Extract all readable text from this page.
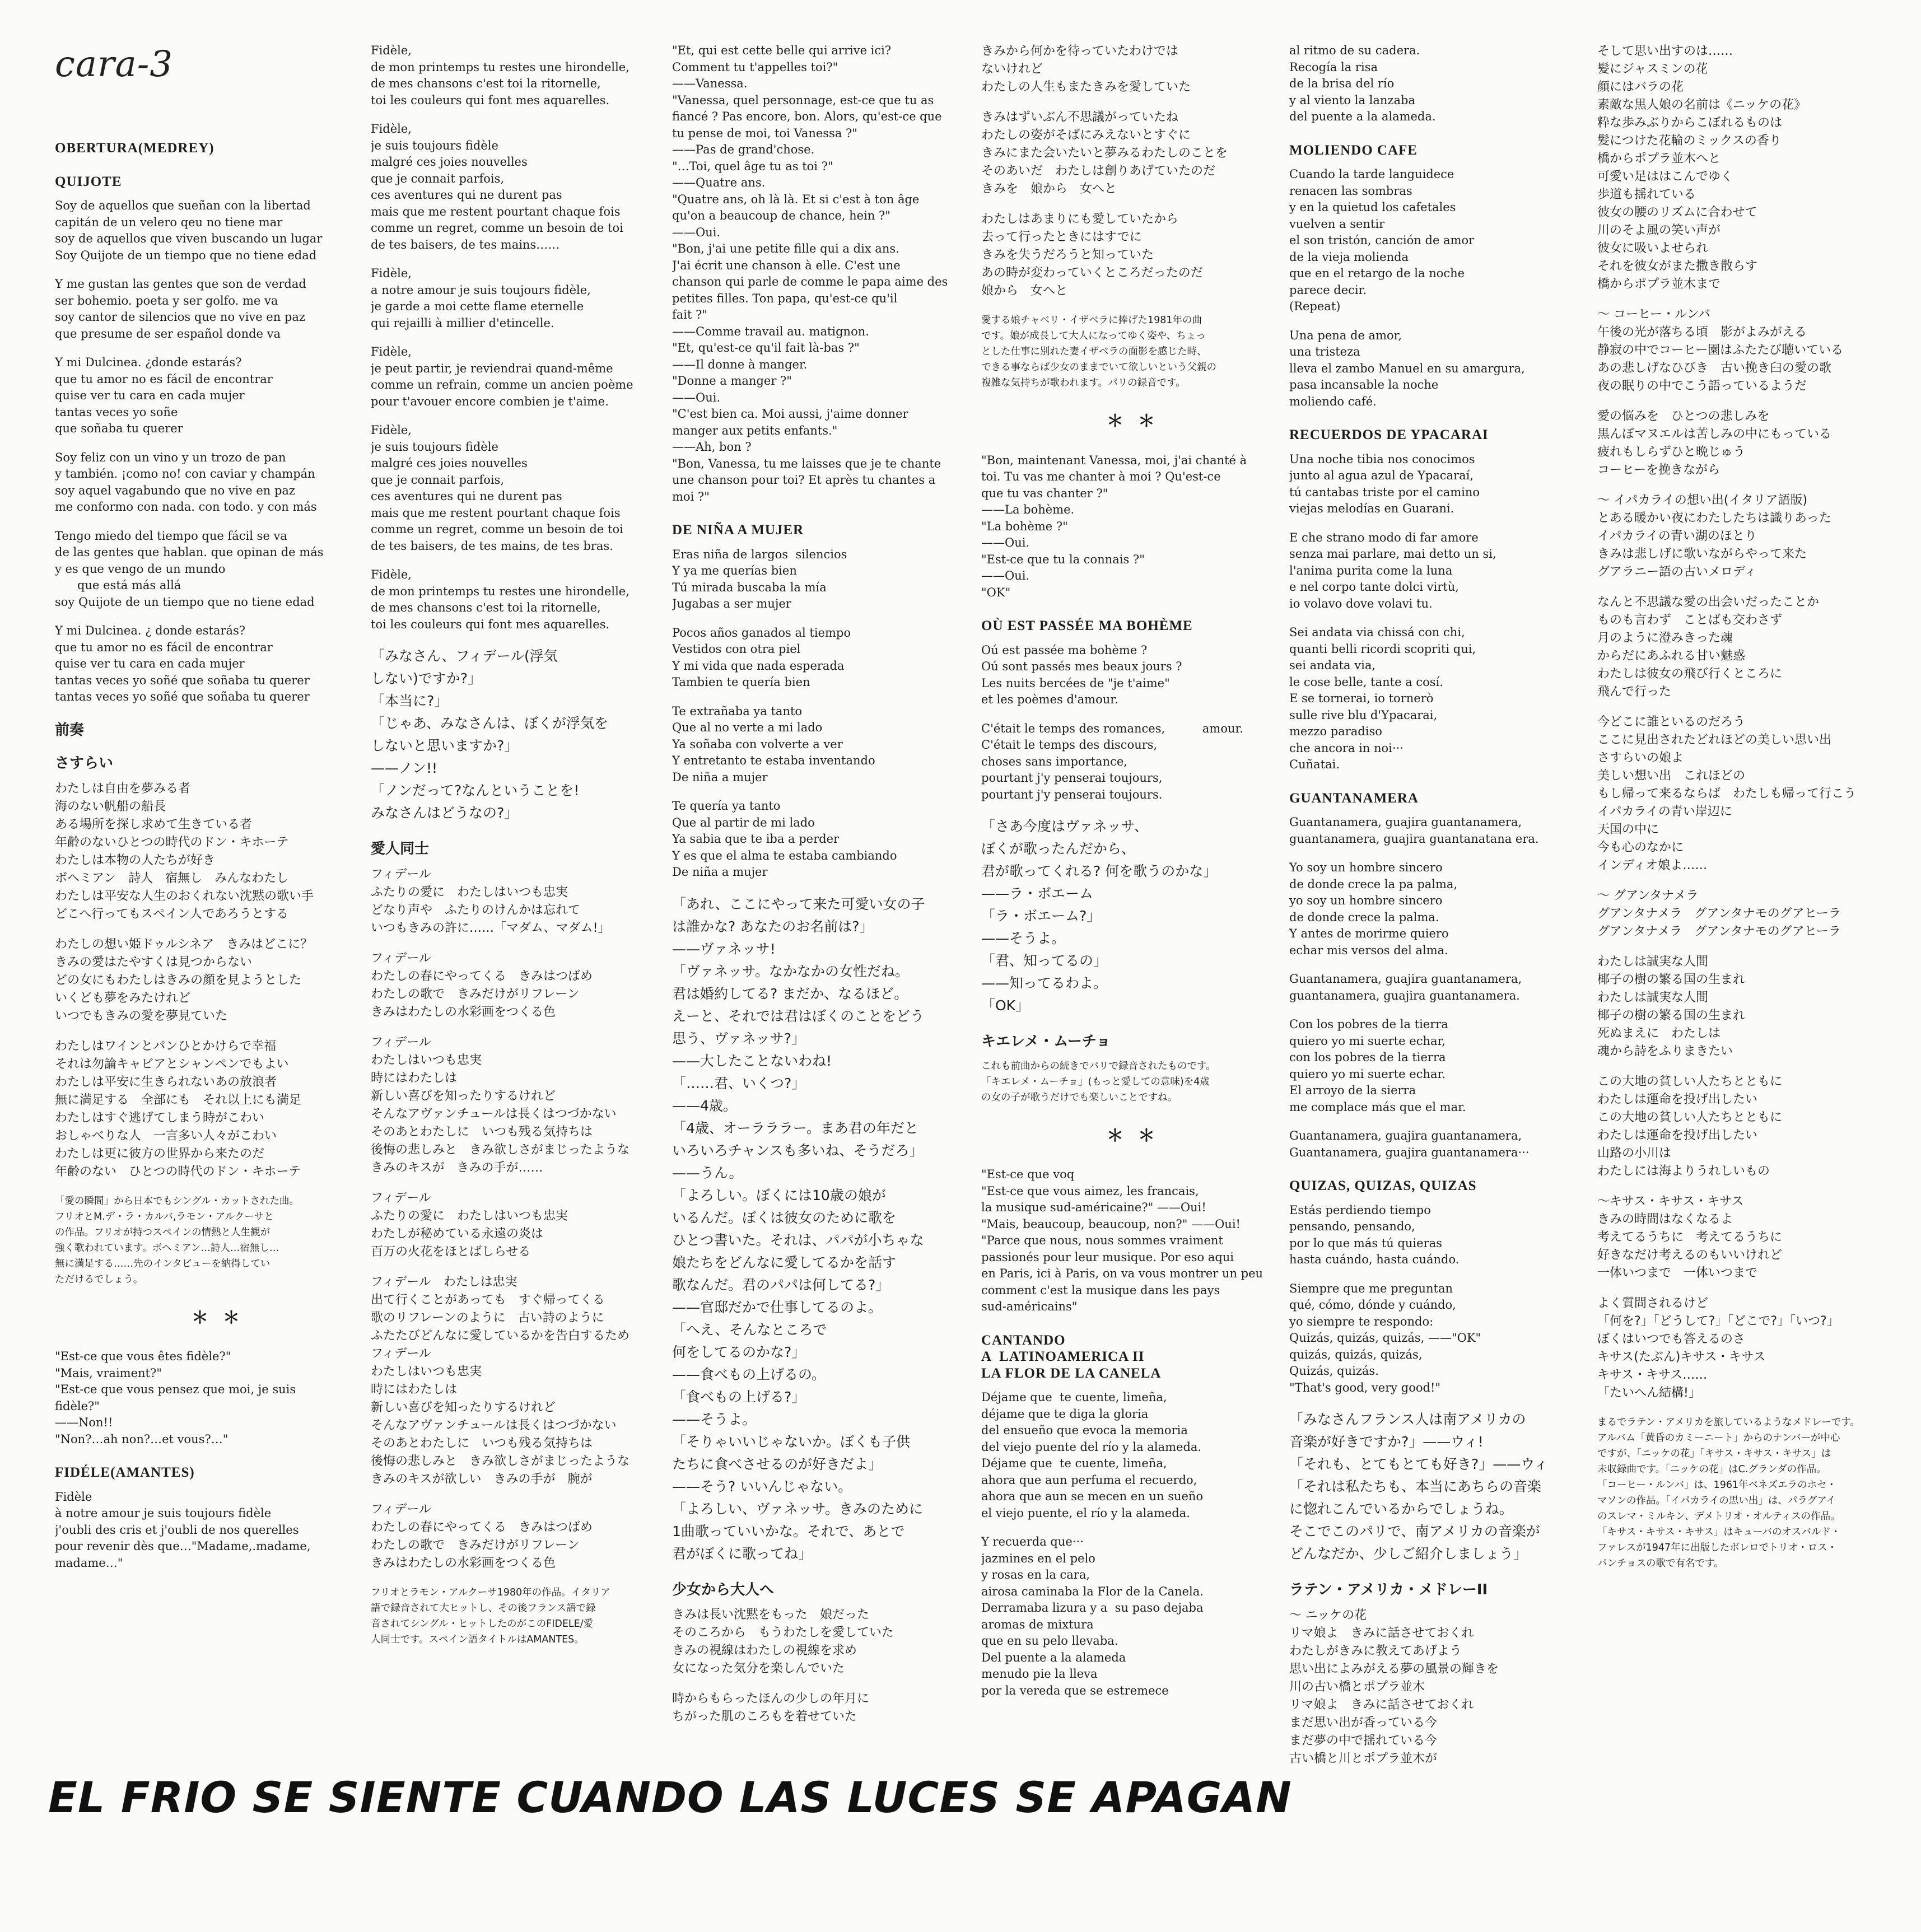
cara-3
OBERTURA(MEDREY)
QUIJOTE
Soy de aquellos que sueñan con la libertad
capitán de un velero qeu no tiene mar
soy de aquellos que viven buscando un lugar
Soy Quijote de un tiempo que no tiene edad
Y me gustan las gentes que son de verdad
ser bohemio. poeta y ser golfo. me va
soy cantor de silencios que no vive en paz
que presume de ser español donde va
Y mi Dulcinea. ¿donde estarás?
que tu amor no es fácil de encontrar
quise ver tu cara en cada mujer
tantas veces yo soñe
que soñaba tu querer
Soy feliz con un vino y un trozo de pan
y también. ¡como no! con caviar y champán
soy aquel vagabundo que no vive en paz
me conformo con nada. con todo. y con más
Tengo miedo del tiempo que fácil se va
de las gentes que hablan. que opinan de más
y es que vengo de un mundo
que está más allá
soy Quijote de un tiempo que no tiene edad
Y mi Dulcinea. ¿ donde estarás?
que tu amor no es fácil de encontrar
quise ver tu cara en cada mujer
tantas veces yo soñé que soñaba tu querer
tantas veces yo soñé que soñaba tu querer
前奏
さすらい
わたしは自由を夢みる者
海のない帆船の船長
ある場所を探し求めて生きている者
年齢のないひとつの時代のドン・キホーテ
わたしは本物の人たちが好き
ボヘミアン　詩人　宿無し　みんなわたし
わたしは平安な人生のおくれない沈黙の歌い手
どこへ行ってもスペイン人であろうとする
わたしの想い姫ドゥルシネア　きみはどこに？
きみの愛はたやすくは見つからない
どの女にもわたしはきみの顔を見ようとした
いくども夢をみたけれど
いつでもきみの愛を夢見ていた
わたしはワインとパンひとかけらで幸福
それは勿論キャビアとシャンペンでもよい
わたしは平安に生きられないあの放浪者
無に満足する　全部にも　それ以上にも満足
わたしはすぐ逃げてしまう時がこわい
おしゃべりな人　一言多い人々がこわい
わたしは更に彼方の世界から来たのだ
年齢のない　ひとつの時代のドン・キホーテ
「愛の瞬間」から日本でもシングル・カットされた曲。
フリオとM.デ・ラ・カルバ,ラモン・アルクーサと
の作品。フリオが持つスペインの情熱と人生観が
強く歌われています。ボヘミアン…詩人…宿無し…
無に満足する……先のインタビューを納得してい
ただけるでしょう。
＊＊
"Est-ce que vous êtes fidèle?"
"Mais, vraiment?"
"Est-ce que vous pensez que moi, je suis
fidèle?"
——Non!!
"Non?…ah non?…et vous?…"
FIDÉLE(AMANTES)
Fidèle
à notre amour je suis toujours fidèle
j'oubli des cris et j'oubli de nos querelles
pour revenir dès que…"Madame,.madame,
madame…"
Fidèle,
de mon printemps tu restes une hirondelle,
de mes chansons c'est toi la ritornelle,
toi les couleurs qui font mes aquarelles.
Fidèle,
je suis toujours fidèle
malgré ces joies nouvelles
que je connait parfois,
ces aventures qui ne durent pas
mais que me restent pourtant chaque fois
comme un regret, comme un besoin de toi
de tes baisers, de tes mains……
Fidèle,
a notre amour je suis toujours fidèle,
je garde a moi cette flame eternelle
qui rejailli à millier d'etincelle.
Fidèle,
je peut partir, je reviendrai quand-même
comme un refrain, comme un ancien poème
pour t'avouer encore combien je t'aime.
Fidèle,
je suis toujours fidèle
malgré ces joies nouvelles
que je connait parfois,
ces aventures qui ne durent pas
mais que me restent pourtant chaque fois
comme un regret, comme un besoin de toi
de tes baisers, de tes mains, de tes bras.
Fidèle,
de mon printemps tu restes une hirondelle,
de mes chansons c'est toi la ritornelle,
toi les couleurs qui font mes aquarelles.
「みなさん、フィデール(浮気
しない)ですか?」
「本当に?」
「じゃあ、みなさんは、ぼくが浮気を
しないと思いますか?」
——ノン!!
「ノンだって?なんということを!
みなさんはどうなの?」
愛人同士
フィデール
ふたりの愛に　わたしはいつも忠実
どなり声や　ふたりのけんかは忘れて
いつもきみの許に……「マダム、マダム!」
フィデール
わたしの春にやってくる　きみはつばめ
わたしの歌で　きみだけがリフレーン
きみはわたしの水彩画をつくる色
フィデール
わたしはいつも忠実
時にはわたしは
新しい喜びを知ったりするけれど
そんなアヴァンチュールは長くはつづかない
そのあとわたしに　いつも残る気持ちは
後悔の悲しみと　きみ欲しさがまじったような
きみのキスが　きみの手が……
フィデール
ふたりの愛に　わたしはいつも忠実
わたしが秘めている永遠の炎は
百万の火花をほとばしらせる
フィデール　わたしは忠実
出て行くことがあっても　すぐ帰ってくる
歌のリフレーンのように　古い詩のように
ふたたびどんなに愛しているかを告白するため
フィデール
わたしはいつも忠実
時にはわたしは
新しい喜びを知ったりするけれど
そんなアヴァンチュールは長くはつづかない
そのあとわたしに　いつも残る気持ちは
後悔の悲しみと　きみ欲しさがまじったような
きみのキスが欲しい　きみの手が　腕が
フィデール
わたしの春にやってくる　きみはつばめ
わたしの歌で　きみだけがリフレーン
きみはわたしの水彩画をつくる色
フリオとラモン・アルクーサ1980年の作品。イタリア
語で録音されて大ヒットし、その後フランス語で録
音されてシングル・ヒットしたのがこのFIDELE/愛
人同士です。スペイン語タイトルはAMANTES。
"Et, qui est cette belle qui arrive ici?
Comment tu t'appelles toi?"
——Vanessa.
"Vanessa, quel personnage, est-ce que tu as
fiancé ? Pas encore, bon. Alors, qu'est-ce que
tu pense de moi, toi Vanessa ?"
——Pas de grand'chose.
"…Toi, quel âge tu as toi ?"
——Quatre ans.
"Quatre ans, oh là là. Et si c'est à ton âge
qu'on a beaucoup de chance, hein ?"
——Oui.
"Bon, j'ai une petite fille qui a dix ans.
J'ai écrit une chanson à elle. C'est une
chanson qui parle de comme le papa aime des
petites filles. Ton papa, qu'est-ce qu'il
fait ?"
——Comme travail au. matignon.
"Et, qu'est-ce qu'il fait là-bas ?"
——Il donne à manger.
"Donne a manger ?"
——Oui.
"C'est bien ca. Moi aussi, j'aime donner
manger aux petits enfants."
——Ah, bon ?
"Bon, Vanessa, tu me laisses que je te chante
une chanson pour toi? Et après tu chantes a
moi ?"
DE NIÑA A MUJER
Eras niña de largos  silencios
Y ya me querías bien
Tú mirada buscaba la mía
Jugabas a ser mujer
Pocos años ganados al tiempo
Vestidos con otra piel
Y mi vida que nada esperada
Tambien te quería bien
Te extrañaba ya tanto
Que al no verte a mi lado
Ya soñaba con volverte a ver
Y entretanto te estaba inventando
De niña a mujer
Te quería ya tanto
Que al partir de mi lado
Ya sabia que te iba a perder
Y es que el alma te estaba cambiando
De niña a mujer
「あれ、ここにやって来た可愛い女の子
は誰かな? あなたのお名前は?」
——ヴァネッサ!
「ヴァネッサ。なかなかの女性だね。
君は婚約してる? まだか、なるほど。
えーと、それでは君はぼくのことをどう
思う、ヴァネッサ?」
——大したことないわね!
「……君、いくつ?」
——4歳。
「4歳、オーラララー。まあ君の年だと
いろいろチャンスも多いね、そうだろ」
——うん。
「よろしい。ぼくには10歳の娘が
いるんだ。ぼくは彼女のために歌を
ひとつ書いた。それは、パパが小ちゃな
娘たちをどんなに愛してるかを話す
歌なんだ。君のパパは何してる?」
——官邸だかで仕事してるのよ。
「へえ、そんなところで
何をしてるのかな?」
——食べもの上げるの。
「食べもの上げる?」
——そうよ。
「そりゃいいじゃないか。ぼくも子供
たちに食べさせるのが好きだよ」
——そう? いいんじゃない。
「よろしい、ヴァネッサ。きみのために
1曲歌っていいかな。それで、あとで
君がぼくに歌ってね」
少女から大人へ
きみは長い沈黙をもった　娘だった
そのころから　もうわたしを愛していた
きみの視線はわたしの視線を求め
女になった気分を楽しんでいた
時からもらったほんの少しの年月に
ちがった肌のころもを着せていた
きみから何かを待っていたわけでは
ないけれど
わたしの人生もまたきみを愛していた
きみはずいぶん不思議がっていたね
わたしの姿がそばにみえないとすぐに
きみにまた会いたいと夢みるわたしのことを
そのあいだ　わたしは創りあげていたのだ
きみを　娘から　女へと
わたしはあまりにも愛していたから
去って行ったときにはすでに
きみを失うだろうと知っていた
あの時が変わっていくところだったのだ
娘から　女へと
愛する娘チャベリ・イザベラに捧げた1981年の曲
です。娘が成長して大人になってゆく姿や、ちょっ
とした仕事に別れた妻イザベラの面影を感じた時、
できる事ならば少女のままでいて欲しいという父親の
複雑な気持ちが歌われます。パリの録音です。
＊＊
"Bon, maintenant Vanessa, moi, j'ai chanté à
toi. Tu vas me chanter à moi ? Qu'est-ce
que tu vas chanter ?"
——La bohème.
"La bohème ?"
——Oui.
"Est-ce que tu la connais ?"
——Oui.
"OK"
OÙ EST PASSÉE MA BOHÈME
Oú est passée ma bohème ?
Oú sont passés mes beaux jours ?
Les nuits bercées de "je t'aime"
et les poèmes d'amour.
C'était le temps des romances,          amour.
C'était le temps des discours,
choses sans importance,
pourtant j'y penserai toujours,
pourtant j'y penserai toujours.
「さあ今度はヴァネッサ、
ぼくが歌ったんだから、
君が歌ってくれる? 何を歌うのかな」
——ラ・ボエーム
「ラ・ボエーム?」
——そうよ。
「君、知ってるの」
——知ってるわよ。
「OK」
キエレメ・ムーチョ
これも前曲からの続きでパリで録音されたものです。
「キエレメ・ムーチョ」(もっと愛しての意味)を4歳
の女の子が歌うだけでも楽しいことですね。
＊＊
"Est-ce que voq
"Est-ce que vous aimez, les francais,
la musique sud-américaine?" ——Oui!
"Mais, beaucoup, beaucoup, non?" ——Oui!
"Parce que nous, nous sommes vraiment
passionés pour leur musique. Por eso aqui
en Paris, ici à Paris, on va vous montrer un peu
comment c'est la musique dans les pays
sud-américains"
CANTANDO
A  LATINOAMERICA II
LA FLOR DE LA CANELA
Déjame que  te cuente, limeña,
déjame que te diga la gloria
del ensueño que evoca la memoria
del viejo puente del río y la alameda.
Déjame que  te cuente, limeña,
ahora que aun perfuma el recuerdo,
ahora que aun se mecen en un sueño
el viejo puente, el río y la alameda.
Y recuerda que···
jazmines en el pelo
y rosas en la cara,
airosa caminaba la Flor de la Canela.
Derramaba lizura y a  su paso dejaba
aromas de mixtura
que en su pelo llevaba.
Del puente a la alameda
menudo pie la lleva
por la vereda que se estremece
al ritmo de su cadera.
Recogía la risa
de la brisa del río
y al viento la lanzaba
del puente a la alameda.
MOLIENDO CAFE
Cuando la tarde languidece
renacen las sombras
y en la quietud los cafetales
vuelven a sentir
el son tristón, canción de amor
de la vieja molienda
que en el retargo de la noche
parece decir.
(Repeat)
Una pena de amor,
una tristeza
lleva el zambo Manuel en su amargura,
pasa incansable la noche
moliendo café.
RECUERDOS DE YPACARAI
Una noche tibia nos conocimos
junto al agua azul de Ypacaraí,
tú cantabas triste por el camino
viejas melodías en Guarani.
E che strano modo di far amore
senza mai parlare, mai detto un si,
l'anima purita come la luna
e nel corpo tante dolci virtù,
io volavo dove volavi tu.
Sei andata via chissá con chi,
quanti belli ricordi scopriti qui,
sei andata via,
le cose belle, tante a cosí.
E se tornerai, io tornerò
sulle rive blu d'Ypacarai,
mezzo paradiso
che ancora in noi···
Cuñatai.
GUANTANAMERA
Guantanamera, guajira guantanamera,
guantanamera, guajira guantanatana era.
Yo soy un hombre sincero
de donde crece la pa palma,
yo soy un hombre sincero
de donde crece la palma.
Y antes de morirme quiero
echar mis versos del alma.
Guantanamera, guajira guantanamera,
guantanamera, guajira guantanamera.
Con los pobres de la tierra
quiero yo mi suerte echar,
con los pobres de la tierra
quiero yo mi suerte echar.
El arroyo de la sierra
me complace más que el mar.
Guantanamera, guajira guantanamera,
Guantanamera, guajira guantanamera···
QUIZAS, QUIZAS, QUIZAS
Estás perdiendo tiempo
pensando, pensando,
por lo que más tú quieras
hasta cuándo, hasta cuándo.
Siempre que me preguntan
qué, cómo, dónde y cuándo,
yo siempre te respondo:
Quizás, quizás, quizás, ——"OK"
quizás, quizás, quizás,
Quizás, quizás.
"That's good, very good!"
「みなさんフランス人は南アメリカの
音楽が好きですか?」——ウィ!
「それも、とてもとても好き?」——ウィ
「それは私たちも、本当にあちらの音楽
に惚れこんでいるからでしょうね。
そこでこのパリで、南アメリカの音楽が
どんなだか、少しご紹介しましょう」
ラテン・アメリカ・メドレーII
〜 ニッケの花
リマ娘よ　きみに話させておくれ
わたしがきみに教えてあげよう
思い出によみがえる夢の風景の輝きを
川の古い橋とポプラ並木
リマ娘よ　きみに話させておくれ
まだ思い出が香っている今
まだ夢の中で揺れている今
古い橋と川とポプラ並木が
そして思い出すのは……
髪にジャスミンの花
顔にはバラの花
素敵な黒人娘の名前は《ニッケの花》
粋な歩みぶりからこぼれるものは
髪につけた花輪のミックスの香り
橋からポプラ並木へと
可愛い足ははこんでゆく
歩道も揺れている
彼女の腰のリズムに合わせて
川のそよ風の笑い声が
彼女に吸いよせられ
それを彼女がまた撒き散らす
橋からポプラ並木まで
〜 コーヒー・ルンバ
午後の光が落ちる頃　影がよみがえる
静寂の中でコーヒー園はふたたび聴いている
あの悲しげなひびき　古い挽き臼の愛の歌
夜の眠りの中でこう語っているようだ
愛の悩みを　ひとつの悲しみを
黒んぼマヌエルは苦しみの中にもっている
疲れもしらずひと晩じゅう
コーヒーを挽きながら
〜 イパカライの想い出(イタリア語版)
とある暖かい夜にわたしたちは識りあった
イパカライの青い湖のほとり
きみは悲しげに歌いながらやって来た
グアラニー語の古いメロディ
なんと不思議な愛の出会いだったことか
ものも言わず　ことばも交わさず
月のように澄みきった魂
からだにあふれる甘い魅惑
わたしは彼女の飛び行くところに
飛んで行った
今どこに誰といるのだろう
ここに見出されたどれほどの美しい思い出
さすらいの娘よ
美しい想い出　これほどの
もし帰って来るならば　わたしも帰って行こう
イパカライの青い岸辺に
天国の中に
今も心のなかに
インディオ娘よ……
〜 グアンタナメラ
グアンタナメラ　グアンタナモのグアヒーラ
グアンタナメラ　グアンタナモのグアヒーラ
わたしは誠実な人間
椰子の樹の繁る国の生まれ
わたしは誠実な人間
椰子の樹の繁る国の生まれ
死ぬまえに　わたしは
魂から詩をふりまきたい
この大地の貧しい人たちとともに
わたしは運命を投げ出したい
この大地の貧しい人たちとともに
わたしは運命を投げ出したい
山路の小川は
わたしには海よりうれしいもの
〜キサス・キサス・キサス
きみの時間はなくなるよ
考えてるうちに　考えてるうちに
好きなだけ考えるのもいいけれど
一体いつまで　一体いつまで
よく質問されるけど
「何を?」「どうして?」「どこで?」「いつ?」
ぼくはいつでも答えるのさ
キサス(たぶん)キサス・キサス
キサス・キサス……
「たいへん結構!」
まるでラテン・アメリカを旅しているようなメドレーです。
アルバム「黄昏のカミーニート」からのナンバーが中心
ですが、「ニッケの花」「キサス・キサス・キサス」は
未収録曲です。「ニッケの花」はC.グランダの作品。
「コーヒー・ルンバ」は、1961年ベネズエラのホセ・
マソンの作品。「イパカライの思い出」は、パラグアイ
のスレマ・ミルキン、デメトリオ・オルティスの作品。
「キサス・キサス・キサス」はキューバのオスバルド・
ファレスが1947年に出版したボレロでトリオ・ロス・
パンチョスの歌で有名です。
EL FRIO SE SIENTE CUANDO LAS LUCES SE APAGAN
